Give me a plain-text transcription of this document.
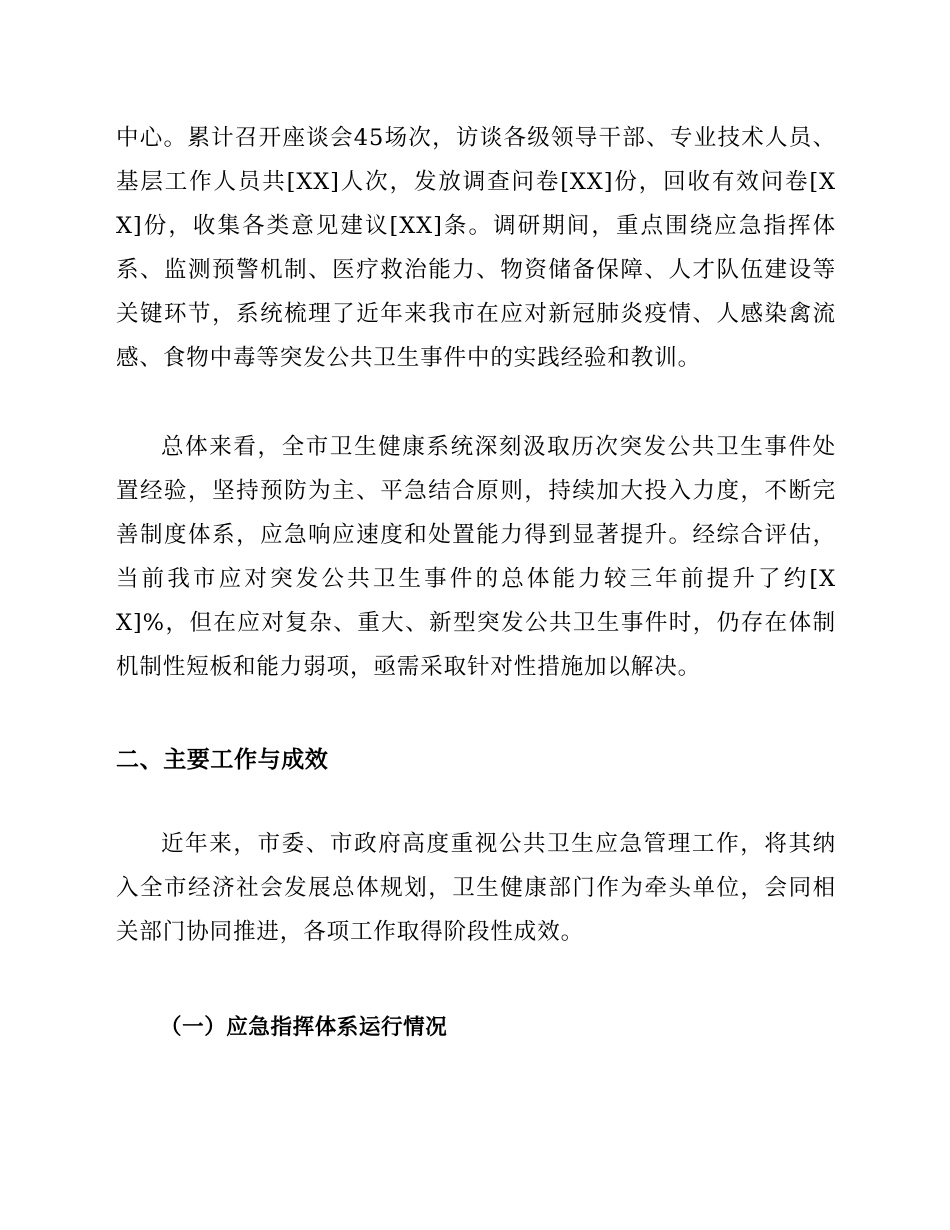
中心。累计召开座谈会45场次，访谈各级领导干部、专业技术人员、基层工作人员共[XX]人次，发放调查问卷[XX]份，回收有效问卷[XX]份，收集各类意见建议[XX]条。调研期间，重点围绕应急指挥体系、监测预警机制、医疗救治能力、物资储备保障、人才队伍建设等关键环节，系统梳理了近年来我市在应对新冠肺炎疫情、人感染禽流感、食物中毒等突发公共卫生事件中的实践经验和教训。

总体来看，全市卫生健康系统深刻汲取历次突发公共卫生事件处置经验，坚持预防为主、平急结合原则，持续加大投入力度，不断完善制度体系，应急响应速度和处置能力得到显著提升。经综合评估，当前我市应对突发公共卫生事件的总体能力较三年前提升了约[XX]%，但在应对复杂、重大、新型突发公共卫生事件时，仍存在体制机制性短板和能力弱项，亟需采取针对性措施加以解决。

二、主要工作与成效

近年来，市委、市政府高度重视公共卫生应急管理工作，将其纳入全市经济社会发展总体规划，卫生健康部门作为牵头单位，会同相关部门协同推进，各项工作取得阶段性成效。

（一）应急指挥体系运行情况
